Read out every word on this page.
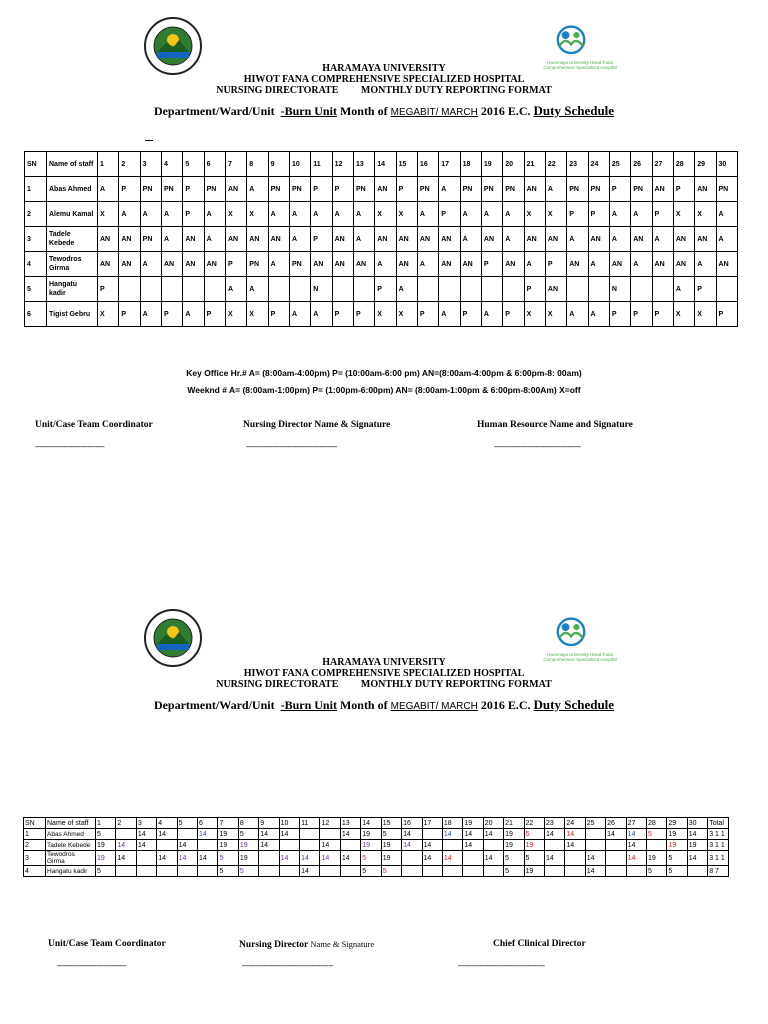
Haramaya University Hiwot Fana
Comprehensive Specialized Hospital
HARAMAYA UNIVERSITY
HIWOT FANA COMPREHENSIVE SPECIALIZED HOSPITAL
NURSING DIRECTORATE MONTHLY DUTY REPORTING FORMAT
Department/Ward/Unit -Burn Unit Month of MEGABIT/ MARCH 2016 E.C. Duty Schedule
SN	Name of staff	1	2	3	4	5	6	7	8	9	10	11	12	13	14	15	16	17	18	19	20	21	22	23	24	25	26	27	28	29	30
1	Abas Ahmed	A	P	PN	PN	P	PN	AN	A	PN	PN	P	P	PN	AN	P	PN	A	PN	PN	PN	AN	A	PN	PN	P	PN	AN	P	AN	PN
2	Alemu Kamal	X	A	A	A	P	A	X	X	A	A	A	A	A	X	X	A	P	A	A	A	X	X	P	P	A	A	P	X	X	A
3	Tadele Kebede	AN	AN	PN	A	AN	A	AN	AN	AN	A	P	AN	A	AN	AN	AN	AN	A	AN	A	AN	AN	A	AN	A	AN	A	AN	AN	A
4	Tewodros Girma	AN	AN	A	AN	AN	AN	P	PN	A	PN	AN	AN	AN	A	AN	A	AN	AN	P	AN	A	P	AN	A	AN	A	AN	AN	A	AN
5	Hangatu kadir	P						A	A			N			P	A						P	AN			N			A	P	
6	Tigist Gebru	X	P	A	P	A	P	X	X	P	A	A	P	P	X	X	P	A	P	A	P	X	X	A	A	P	P	P	X	X	P
Key Office Hr.# A= (8:00am-4:00pm) P= (10:00am-6:00 pm) AN=(8:00am-4:00pm & 6:00pm-8: 00am)
Weeknd # A= (8:00am-1:00pm) P= (1:00pm-6:00pm) AN= (8:00am-1:00pm & 6:00pm-8:00Am) X=off
Unit/Case Team Coordinator	Nursing Director Name & Signature	Human Resource Name and Signature
--------------------------------	------------------------------------------	----------------------------------------
Haramaya University Hiwot Fana
Comprehensive Specialized Hospital
HARAMAYA UNIVERSITY
HIWOT FANA COMPREHENSIVE SPECIALIZED HOSPITAL
NURSING DIRECTORATE MONTHLY DUTY REPORTING FORMAT
Department/Ward/Unit -Burn Unit Month of MEGABIT/ MARCH 2016 E.C. Duty Schedule
SN	Name of staff	1	2	3	4	5	6	7	8	9	10	11	12	13	14	15	16	17	18	19	20	21	22	23	24	25	26	27	28	29	30	Total
1	Abas Ahmed	5		14	14		14	19	5	14	14			14	19	5	14		14	14	14	19	5	14	14		14	14	5	19	14	3 1 1
2	Tadele Kebede	19	14	14		14		19	19	14			14		19	19	14	14		14		19	19		14			14		19	19	3 1 1
3	Tewodros Girma	19	14		14	14	14	5	19		14	14	14	14	5	19		14	14		14	5	5	14		14		14	19	5	14	3 1 1
4	Hangatu kadir	5						5	5			14			5	5						5	19			14			5	5		8 7
Unit/Case Team Coordinator	Nursing Director Name & Signature	Chief Clinical Director
--------------------------------	------------------------------------------	----------------------------------------
